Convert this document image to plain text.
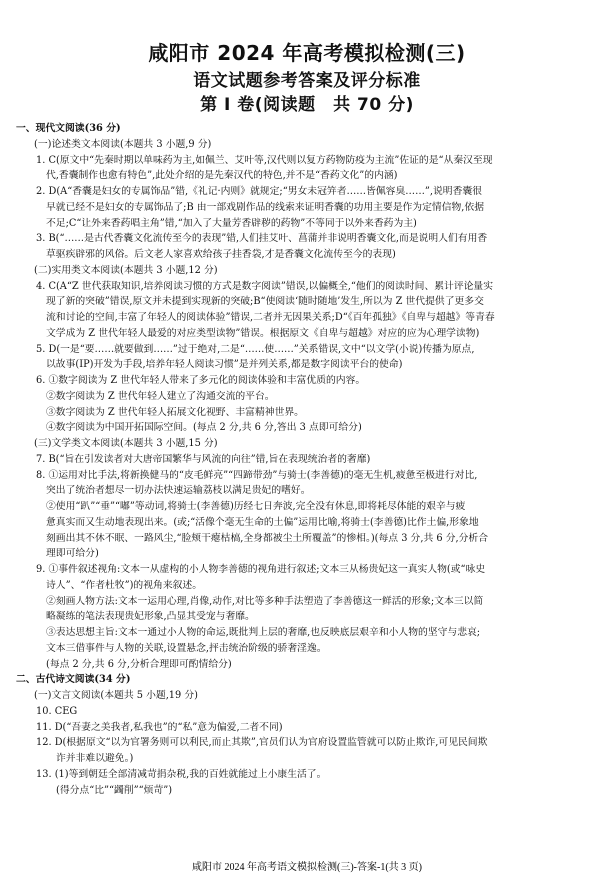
咸阳市 2024 年高考模拟检测(三)
语文试题参考答案及评分标准
第 I 卷(阅读题　共 70 分)
一、现代文阅读(36 分)
(一)论述类文本阅读(本题共 3 小题,9 分)
1. C(原文中“先秦时期以单味药为主,如佩兰、艾叶等,汉代则以复方药物防疫为主流”佐证的是“从秦汉至现
代,香囊制作也愈有特色”,此处介绍的是先秦汉代的特色,并不是“香药文化”的内涵)
2. D(A“香囊是妇女的专属饰品”错,《礼记·内则》就规定;“男女未冠笄者……皆佩容臭……”,说明香囊很
早就已经不是妇女的专属饰品了;B 由一部戏剧作品的线索来证明香囊的功用主要是作为定情信物,依据
不足;C“让外来香药唱主角”错,“加入了大量芳香辟秽的药物”不等同于以外来香药为主)
3. B(“……是古代香囊文化流传至今的表现”错,人们挂艾叶、菖蒲并非说明香囊文化,而是说明人们有用香
草驱疾辟邪的风俗。后文老人家喜欢给孩子挂香袋,才是香囊文化流传至今的表现)
(二)实用类文本阅读(本题共 3 小题,12 分)
4. C(A“Z 世代获取知识,培养阅读习惯的方式是数字阅读”错误,以偏概全,“他们的阅读时间、累计评论量实
现了新的突破”错误,原文并未提到实现新的突破;B“使阅读‘随时随地’发生,所以为 Z 世代提供了更多交
流和讨论的空间,丰富了年轻人的阅读体验”错误,二者并无因果关系;D“《百年孤独》《自卑与超越》等青春
文学成为 Z 世代年轻人最爱的对应类型读物”错误。根据原文《自卑与超越》对应的应为心理学读物)
5. D(一是“要……就要做到……”过于绝对,二是“……使……”关系错误,文中“以文学(小说)传播为原点,
以故事(IP)开发为手段,培养年轻人阅读习惯”是并列关系,都是数字阅读平台的使命)
6. ①数字阅读为 Z 世代年轻人带来了多元化的阅读体验和丰富优质的内容。
②数字阅读为 Z 世代年轻人建立了沟通交流的平台。
③数字阅读为 Z 世代年轻人拓展文化视野、丰富精神世界。
④数字阅读为中国开拓国际空间。(每点 2 分,共 6 分,答出 3 点即可给分)
(三)文学类文本阅读(本题共 3 小题,15 分)
7. B(“旨在引发读者对大唐帝国繁华与风流的向往”错,旨在表现统治者的奢靡)
8. ①运用对比手法,将新换健马的“皮毛鲜亮”“四蹄带劲”与骑士(李善德)的毫无生机,疲惫至极进行对比,
突出了统治者想尽一切办法快速运输荔枝以满足贵妃的嗜好。
②使用“趴”“垂”“嘟”等动词,将骑士(李善德)历经七日奔波,完全没有休息,即将耗尽体能的艰辛与疲
惫真实而又生动地表现出来。(或;“活像个毫无生命的土偏”运用比喻,将骑士(李善德)比作土偏,形象地
刻画出其不休不眠、一路风尘,“脸颊干瘪枯槁,全身都被尘土所覆盖”的惨相。)(每点 3 分,共 6 分,分析合
理即可给分)
9. ①事件叙述视角:文本一从虚构的小人物李善德的视角进行叙述;文本三从杨贵妃这一真实人物(或“咏史
诗人”、“作者杜牧”)的视角来叙述。
②刻画人物方法:文本一运用心理,肖像,动作,对比等多种手法塑造了李善德这一鲜活的形象;文本三以简
略凝练的笔法表现贵妃形象,凸显其受宠与奢靡。
③表达思想主旨:文本一通过小人物的命运,既批判上层的奢靡,也反映底层艰辛和小人物的坚守与悲哀;
文本三借事件与人物的关联,设置悬念,抨击统治阶级的骄奢淫逸。
(每点 2 分,共 6 分,分析合理即可酌情给分)
二、古代诗文阅读(34 分)
(一)文言文阅读(本题共 5 小题,19 分)
10. CEG
11. D(“吾妻之美我者,私我也”的“私”意为偏爱,二者不同)
12. D(根据原文“以为官署务则可以利民,而止其欺”,官员们认为官府设置监管就可以防止欺诈,可见民间欺
诈并非难以避免。)
13. (1)等到朝廷全部清减苛捐杂税,我的百姓就能过上小康生活了。
(得分点“比”“蠲削”“烦苛”)
咸阳市 2024 年高考语文模拟检测(三)-答案-1(共 3 页)
